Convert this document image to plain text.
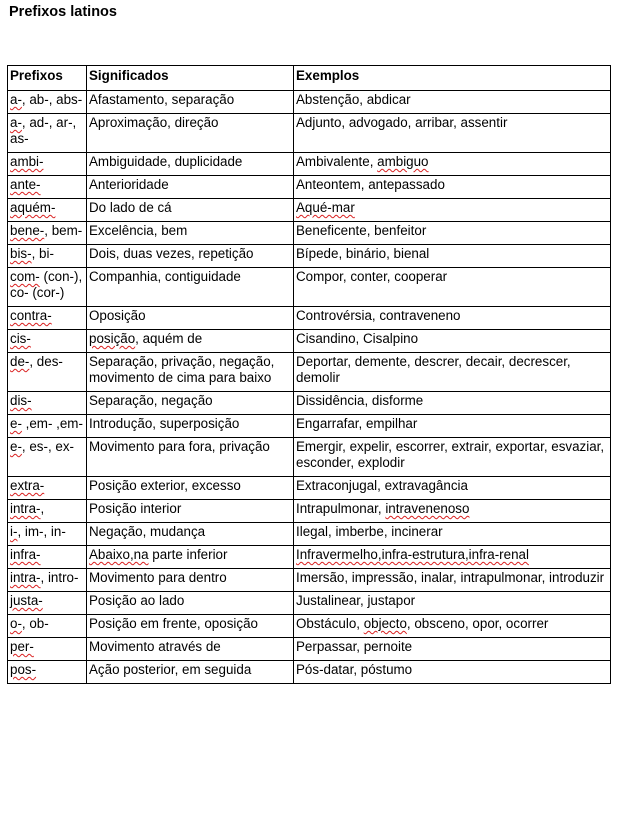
Prefixos latinos
Prefixos	Significados	Exemplos
a-, ab-, abs-	Afastamento, separação	Abstenção, abdicar
a-, ad-, ar-, as-	Aproximação, direção	Adjunto, advogado, arribar, assentir
ambi-	Ambiguidade, duplicidade	Ambivalente, ambiguo
ante-	Anterioridade	Anteontem, antepassado
aquém-	Do lado de cá	Aqué-mar
bene-, bem-	Excelência, bem	Beneficente, benfeitor
bis-, bi-	Dois, duas vezes, repetição	Bípede, binário, bienal
com- (con-), co- (cor-)	Companhia, contiguidade	Compor, conter, cooperar
contra-	Oposição	Controvérsia, contraveneno
cis-	posição, aquém de	Cisandino, Cisalpino
de-, des-	Separação, privação, negação, movimento de cima para baixo	Deportar, demente, descrer, decair, decrescer, demolir
dis-	Separação, negação	Dissidência, disforme
e- ,em- ,em-	Introdução, superposição	Engarrafar, empilhar
e-, es-, ex-	Movimento para fora, privação	Emergir, expelir, escorrer, extrair, exportar, esvaziar, esconder, explodir
extra-	Posição exterior, excesso	Extraconjugal, extravagância
intra-,	Posição interior	Intrapulmonar, intravenenoso
i-, im-, in-	Negação, mudança	Ilegal, imberbe, incinerar
infra-	Abaixo,na parte inferior	Infravermelho,infra-estrutura,infra-renal
intra-, intro-	Movimento para dentro	Imersão, impressão, inalar, intrapulmonar, introduzir
justa-	Posição ao lado	Justalinear, justapor
o-, ob-	Posição em frente, oposição	Obstáculo, objecto, obsceno, opor, ocorrer
per-	Movimento através de	Perpassar, pernoite
pos-	Ação posterior, em seguida	Pós-datar, póstumo
